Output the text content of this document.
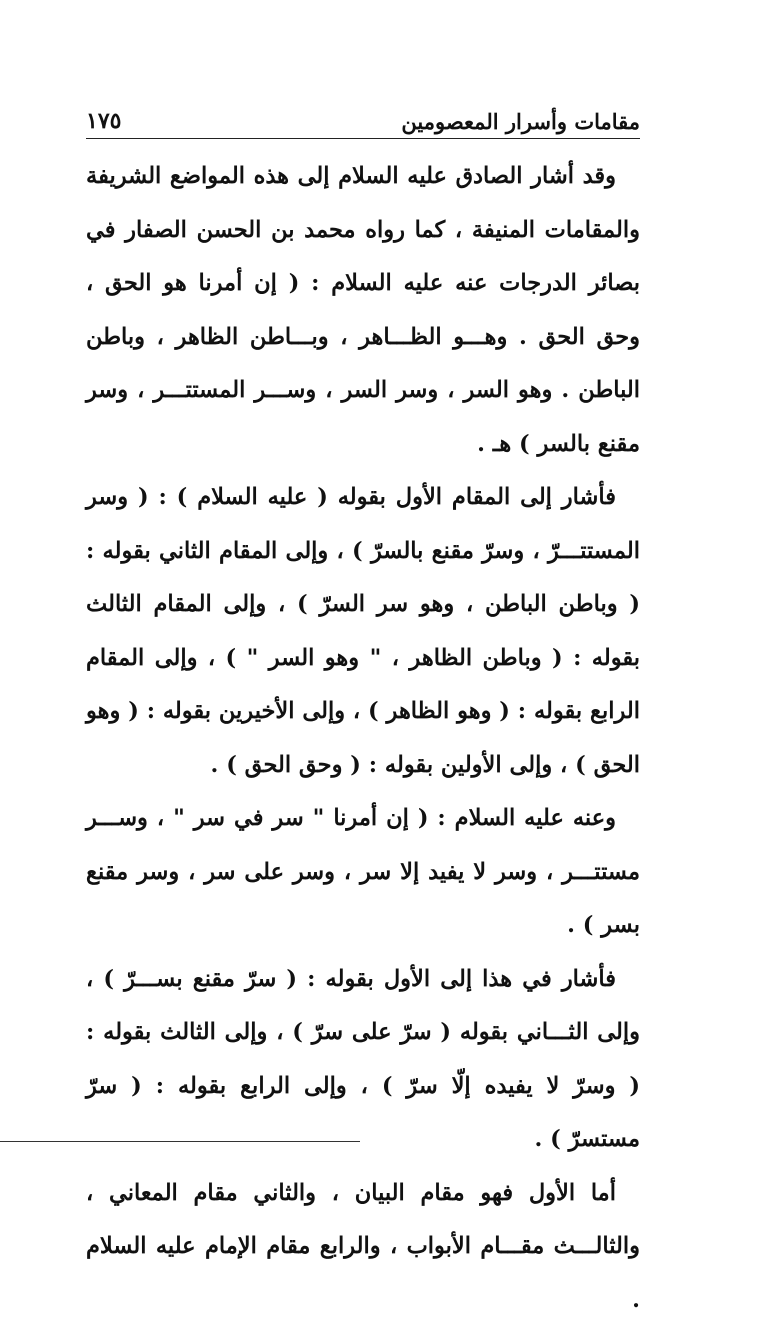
مقامات وأسرار المعصومين
١٧٥

وقد أشار الصادق عليه السلام إلى هذه المواضع الشريفة والمقامات المنيفة ، كما رواه محمد بن الحسن الصفار في بصائر الدرجات عنه عليه السلام : ( إن أمرنا هو الحق ، وحق الحق . وهـــو الظـــاهر ، وبـــاطن الظاهر ، وباطن الباطن . وهو السر ، وسر السر ، وســـر المستتـــر ، وسر مقنع بالسر ) هـ .

فأشار إلى المقام الأول بقوله ( عليه السلام ) : ( وسر المستتـــرّ ، وسرّ مقنع بالسرّ ) ، وإلى المقام الثاني بقوله : ( وباطن الباطن ، وهو سر السرّ ) ، وإلى المقام الثالث بقوله : ( وباطن الظاهر ، " وهو السر " ) ، وإلى المقام الرابع بقوله : ( وهو الظاهر ) ، وإلى الأخيرين بقوله : ( وهو الحق ) ، وإلى الأولين بقوله : ( وحق الحق ) .

وعنه عليه السلام : ( إن أمرنا " سر في سر " ، وســـر مستتـــر ، وسر لا يفيد إلا سر ، وسر على سر ، وسر مقنع بسر ) .

فأشار في هذا إلى الأول بقوله : ( سرّ مقنع بســـرّ ) ، وإلى الثـــاني بقوله ( سرّ على سرّ ) ، وإلى الثالث بقوله : ( وسرّ لا يفيده إلّا سرّ ) ، وإلى الرابع بقوله : ( سرّ مستسرّ ) .

أما الأول فهو مقام البيان ، والثاني مقام المعاني ، والثالـــث مقـــام الأبواب ، والرابع مقام الإمام عليه السلام .
